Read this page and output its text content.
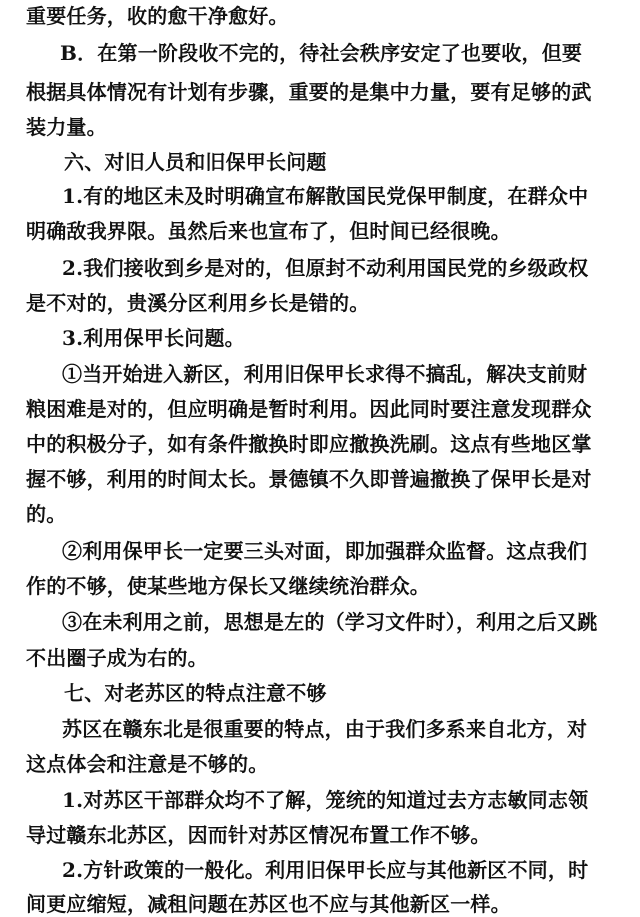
重要任务，收的愈干净愈好。
B．在第一阶段收不完的，待社会秩序安定了也要收，但要
根据具体情况有计划有步骤，重要的是集中力量，要有足够的武
装力量。
六、对旧人员和旧保甲长问题
1.有的地区未及时明确宣布解散国民党保甲制度，在群众中
明确敌我界限。虽然后来也宣布了，但时间已经很晚。
2.我们接收到乡是对的，但原封不动利用国民党的乡级政权
是不对的，贵溪分区利用乡长是错的。
3.利用保甲长问题。
①当开始进入新区，利用旧保甲长求得不搞乱，解决支前财
粮困难是对的，但应明确是暂时利用。因此同时要注意发现群众
中的积极分子，如有条件撤换时即应撤换洗刷。这点有些地区掌
握不够，利用的时间太长。景德镇不久即普遍撤换了保甲长是对
的。
②利用保甲长一定要三头对面，即加强群众监督。这点我们
作的不够，使某些地方保长又继续统治群众。
③在未利用之前，思想是左的（学习文件时），利用之后又跳
不出圈子成为右的。
七、对老苏区的特点注意不够
苏区在赣东北是很重要的特点，由于我们多系来自北方，对
这点体会和注意是不够的。
1.对苏区干部群众均不了解，笼统的知道过去方志敏同志领
导过赣东北苏区，因而针对苏区情况布置工作不够。
2.方针政策的一般化。利用旧保甲长应与其他新区不同，时
间更应缩短，减租问题在苏区也不应与其他新区一样。
